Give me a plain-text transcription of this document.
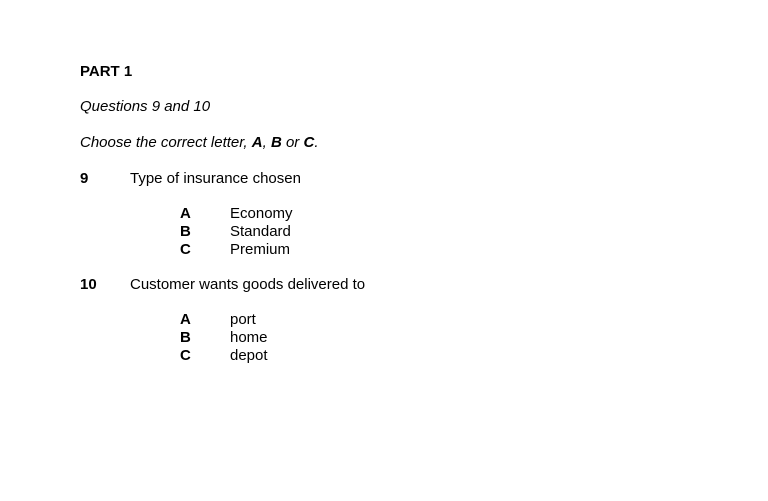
PART 1
Questions 9 and 10
Choose the correct letter, A, B or C.
9	Type of insurance chosen
A	Economy
B	Standard
C	Premium
10 Customer wants goods delivered to
A	port
B	home
C	depot
